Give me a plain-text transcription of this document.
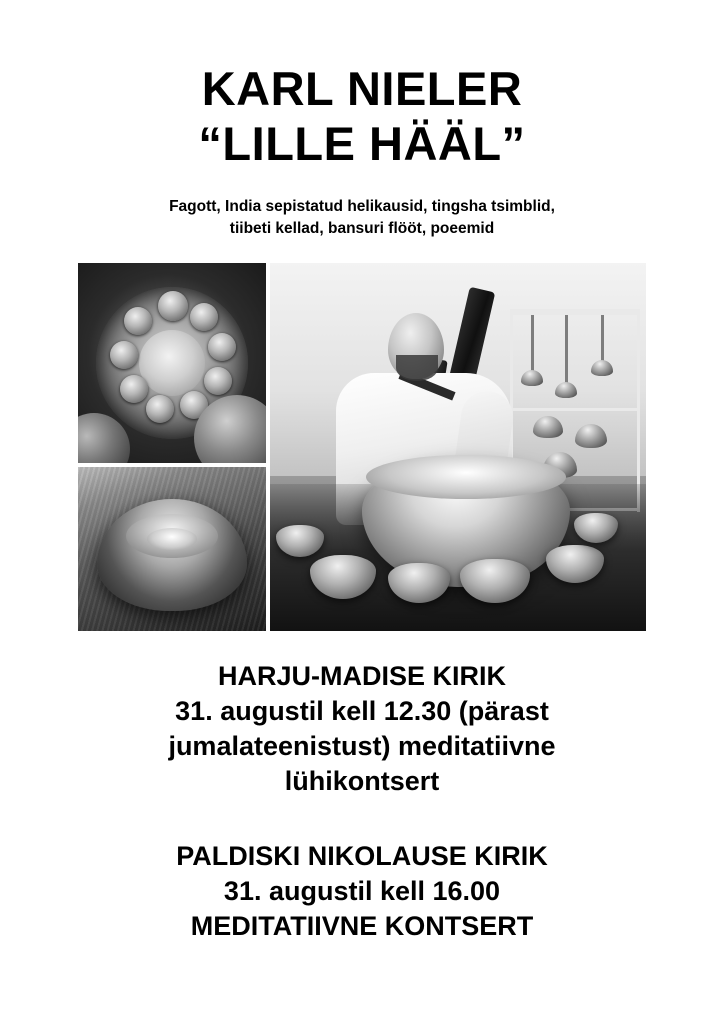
KARL NIELER
“LILLE HÄÄL”
Fagott, India sepistatud helikausid, tingsha tsimblid,
tiibeti kellad, bansuri flööt, poeemid
HARJU-MADISE KIRIK
31. augustil kell 12.30 (pärast
jumalateenistust) meditatiivne
lühikontsert
PALDISKI NIKOLAUSE KIRIK
31. augustil kell 16.00
MEDITATIIVNE KONTSERT
